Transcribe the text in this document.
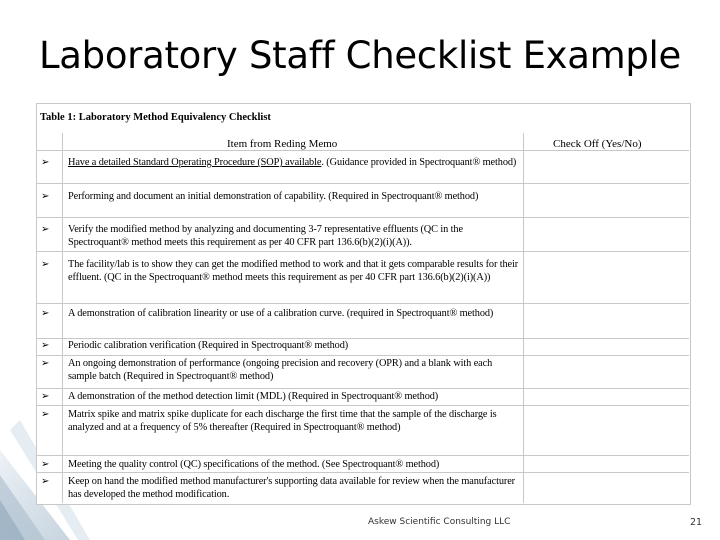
Laboratory Staff Checklist Example
Table 1: Laboratory Method Equivalency Checklist
Item from Reding Memo	Check Off (Yes/No)
➢ Have a detailed Standard Operating Procedure (SOP) available. (Guidance provided in Spectroquant® method)
➢ Performing and document an initial demonstration of capability. (Required in Spectroquant® method)
➢ Verify the modified method by analyzing and documenting 3-7 representative effluents (QC in the Spectroquant® method meets this requirement as per 40 CFR part 136.6(b)(2)(i)(A)).
➢ The facility/lab is to show they can get the modified method to work and that it gets comparable results for their effluent. (QC in the Spectroquant® method meets this requirement as per 40 CFR part 136.6(b)(2)(i)(A))
➢ A demonstration of calibration linearity or use of a calibration curve. (required in Spectroquant® method)
➢ Periodic calibration verification (Required in Spectroquant® method)
➢ An ongoing demonstration of performance (ongoing precision and recovery (OPR) and a blank with each sample batch (Required in Spectroquant® method)
➢ A demonstration of the method detection limit (MDL) (Required in Spectroquant® method)
➢ Matrix spike and matrix spike duplicate for each discharge the first time that the sample of the discharge is analyzed and at a frequency of 5% thereafter (Required in Spectroquant® method)
➢ Meeting the quality control (QC) specifications of the method. (See Spectroquant® method)
➢ Keep on hand the modified method manufacturer's supporting data available for review when the manufacturer has developed the method modification.
Askew Scientific Consulting LLC	21
